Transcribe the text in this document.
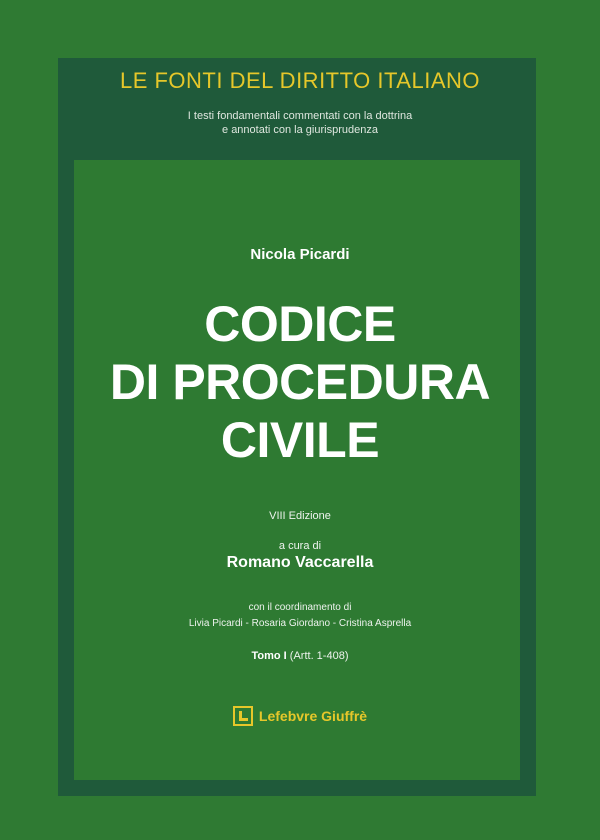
LE FONTI DEL DIRITTO ITALIANO
I testi fondamentali commentati con la dottrina
e annotati con la giurisprudenza
Nicola Picardi
CODICE
DI PROCEDURA
CIVILE
VIII Edizione
a cura di
Romano Vaccarella
con il coordinamento di
Livia Picardi - Rosaria Giordano - Cristina Asprella
Tomo I (Artt. 1-408)
Lefebvre Giuffrè
